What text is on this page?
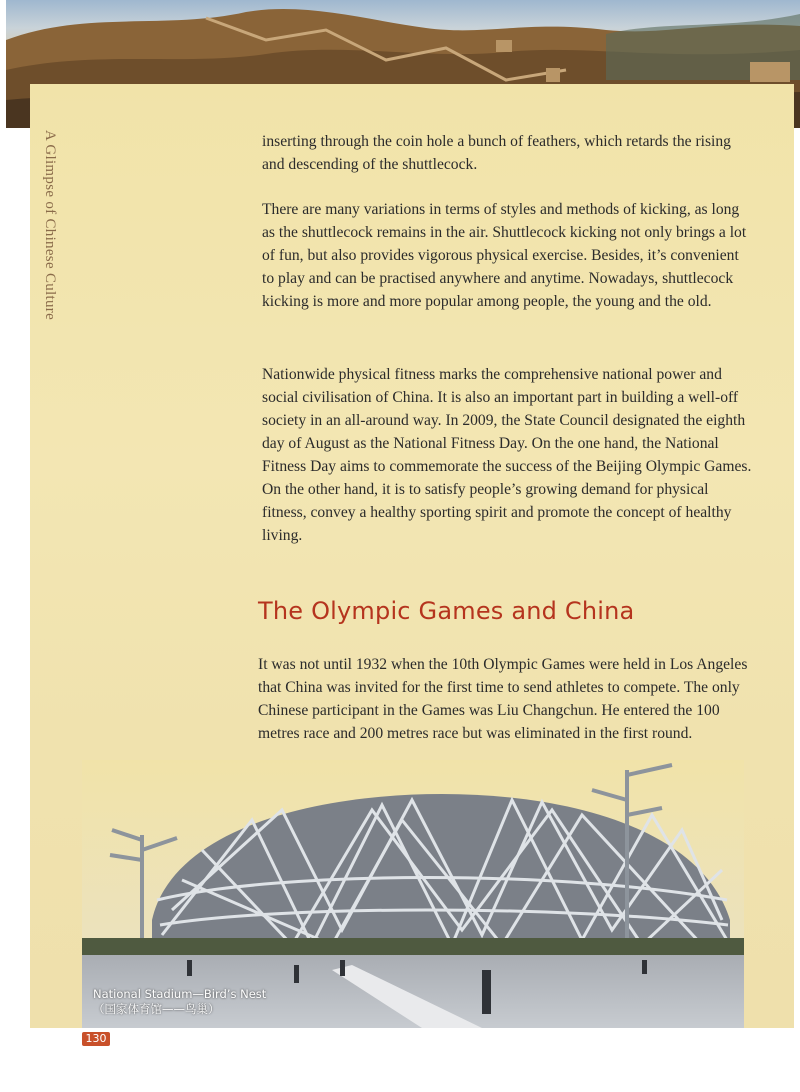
A Glimpse of Chinese Culture	inserting through the coin hole a bunch of feathers, which retards the rising and descending of the shuttlecock.

There are many variations in terms of styles and methods of kicking, as long as the shuttlecock remains in the air. Shuttlecock kicking not only brings a lot of fun, but also provides vigorous physical exercise. Besides, it’s convenient to play and can be practised anywhere and anytime. Nowadays, shuttlecock kicking is more and more popular among people, the young and the old.

Nationwide physical fitness marks the comprehensive national power and social civilisation of China. It is also an important part in building a well-off society in an all-around way. In 2009, the State Council designated the eighth day of August as the National Fitness Day. On the one hand, the National Fitness Day aims to commemorate the success of the Beijing Olympic Games. On the other hand, it is to satisfy people’s growing demand for physical fitness, convey a healthy sporting spirit and promote the concept of healthy living.

The Olympic Games and China

It was not until 1932 when the 10th Olympic Games were held in Los Angeles that China was invited for the first time to send athletes to compete. The only Chinese participant in the Games was Liu Changchun. He entered the 100 metres race and 200 metres race but was eliminated in the first round.

National Stadium—Bird’s Nest
（国家体育馆——鸟巢）
130
